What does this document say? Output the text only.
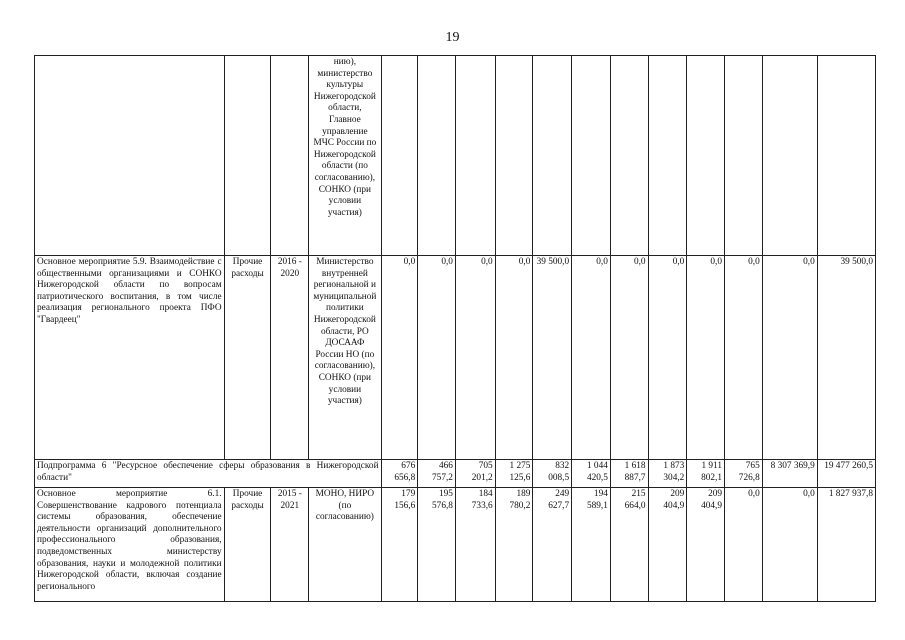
19
			нию), министерство культуры Нижегородской области, Главное управление МЧС России по Нижегородской области (по согласованию), СОНКО (при условии участия)												
Основное мероприятие 5.9. Взаимодействие с общественными организациями и СОНКО Нижегородской области по вопросам патриотического воспитания, в том числе реализация регионального проекта ПФО "Гвардеец"	Прочие расходы	2016 - 2020	Министерство внутренней региональной и муниципальной политики Нижегородской области, РО ДОСААФ России НО (по согласованию), СОНКО (при условии участия)	0,0	0,0	0,0	0,0	39 500,0	0,0	0,0	0,0	0,0	0,0	0,0	39 500,0
Подпрограмма 6 "Ресурсное обеспечение сферы образования в Нижегородской области"				676 656,8	466 757,2	705 201,2	1 275 125,6	832 008,5	1 044 420,5	1 618 887,7	1 873 304,2	1 911 802,1	765 726,8	8 307 369,9	19 477 260,5
Основное мероприятие 6.1. Совершенствование кадрового потенциала системы образования, обеспечение деятельности организаций дополнительного профессионального образования, подведомственных министерству образования, науки и молодежной политики Нижегородской области, включая создание регионального	Прочие расходы	2015 - 2021	МОНО, НИРО (по согласованию)	179 156,6	195 576,8	184 733,6	189 780,2	249 627,7	194 589,1	215 664,0	209 404,9	209 404,9	0,0	0,0	1 827 937,8
